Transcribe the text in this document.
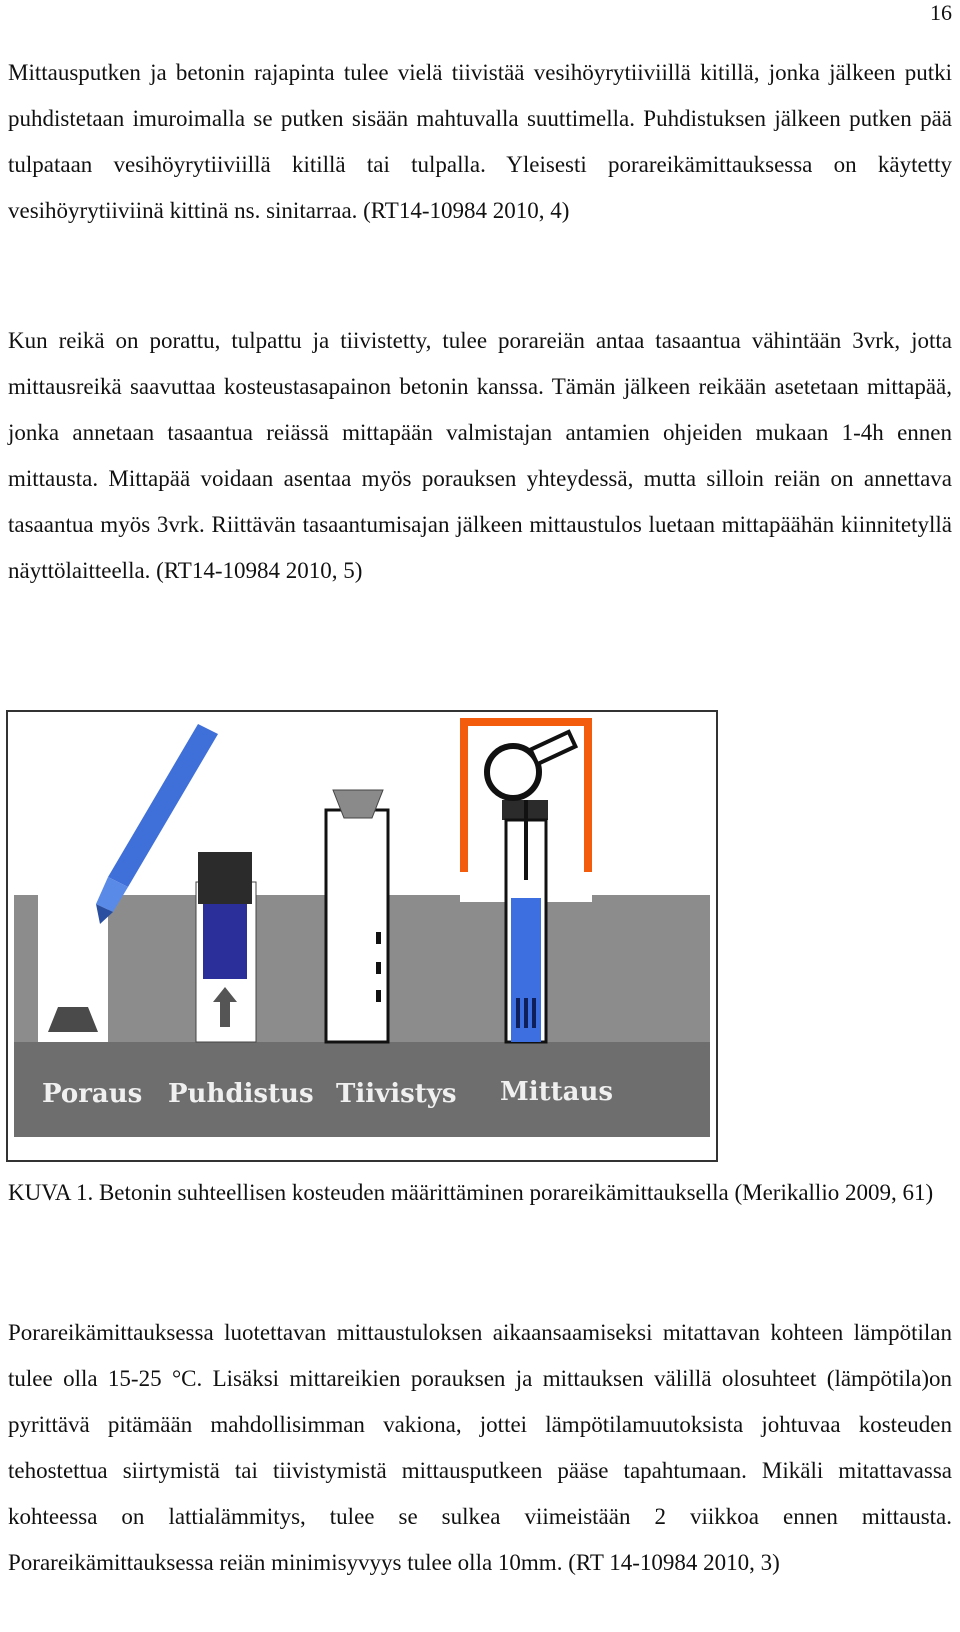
16

Mittausputken ja betonin rajapinta tulee vielä tiivistää vesihöyrytiiviillä kitillä, jonka jälkeen putki puhdistetaan imuroimalla se putken sisään mahtuvalla suuttimella. Puhdistuksen jälkeen putken pää tulpataan vesihöyrytiiviillä kitillä tai tulpalla. Yleisesti porareikämittauksessa on käytetty vesihöyrytiiviinä kittinä ns. sinitarraa. (RT14-10984 2010, 4)

Kun reikä on porattu, tulpattu ja tiivistetty, tulee porareiän antaa tasaantua vähintään 3vrk, jotta mittausreikä saavuttaa kosteustasapainon betonin kanssa. Tämän jälkeen reikään asetetaan mittapää, jonka annetaan tasaantua reiässä mittapään valmistajan antamien ohjeiden mukaan 1-4h ennen mittausta. Mittapää voidaan asentaa myös porauksen yhteydessä, mutta silloin reiän on annettava tasaantua myös 3vrk. Riittävän tasaantumisajan jälkeen mittaustulos luetaan mittapäähän kiinnitetyllä näyttölaitteella. (RT14-10984 2010, 5)

Poraus Puhdistus Tiivistys Mittaus

KUVA 1. Betonin suhteellisen kosteuden määrittäminen porareikämittauksella (Merikallio 2009, 61)

Porareikämittauksessa luotettavan mittaustuloksen aikaansaamiseksi mitattavan kohteen lämpötilan tulee olla 15-25 °C. Lisäksi mittareikien porauksen ja mittauksen välillä olosuhteet (lämpötila)on pyrittävä pitämään mahdollisimman vakiona, jottei lämpötilamuutoksista johtuvaa kosteuden tehostettua siirtymistä tai tiivistymistä mittausputkeen pääse tapahtumaan. Mikäli mitattavassa kohteessa on lattialämmitys, tulee se sulkea viimeistään 2 viikkoa ennen mittausta. Porareikämittauksessa reiän minimisyvyys tulee olla 10mm. (RT 14-10984 2010, 3)
